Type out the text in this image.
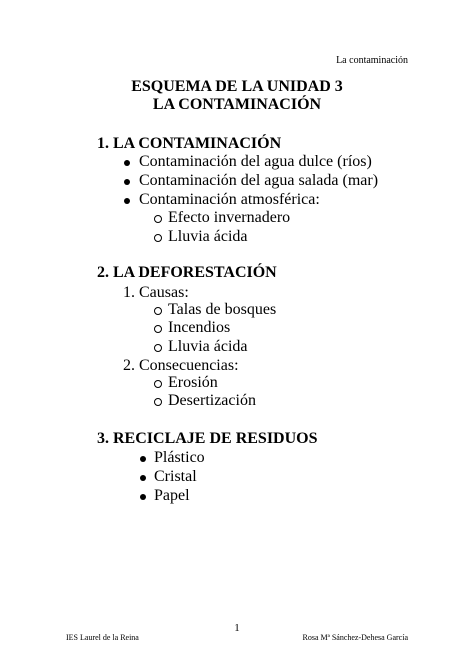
La contaminación
ESQUEMA DE LA UNIDAD 3
LA CONTAMINACIÓN
1. LA CONTAMINACIÓN
Contaminación del agua dulce (ríos)
Contaminación del agua salada (mar)
Contaminación atmosférica:
Efecto invernadero
Lluvia ácida
2. LA DEFORESTACIÓN
1. Causas:
Talas de bosques
Incendios
Lluvia ácida
2. Consecuencias:
Erosión
Desertización
3. RECICLAJE DE RESIDUOS
Plástico
Cristal
Papel
1
IES Laurel de la Reina	Rosa Mª Sánchez-Dehesa García
